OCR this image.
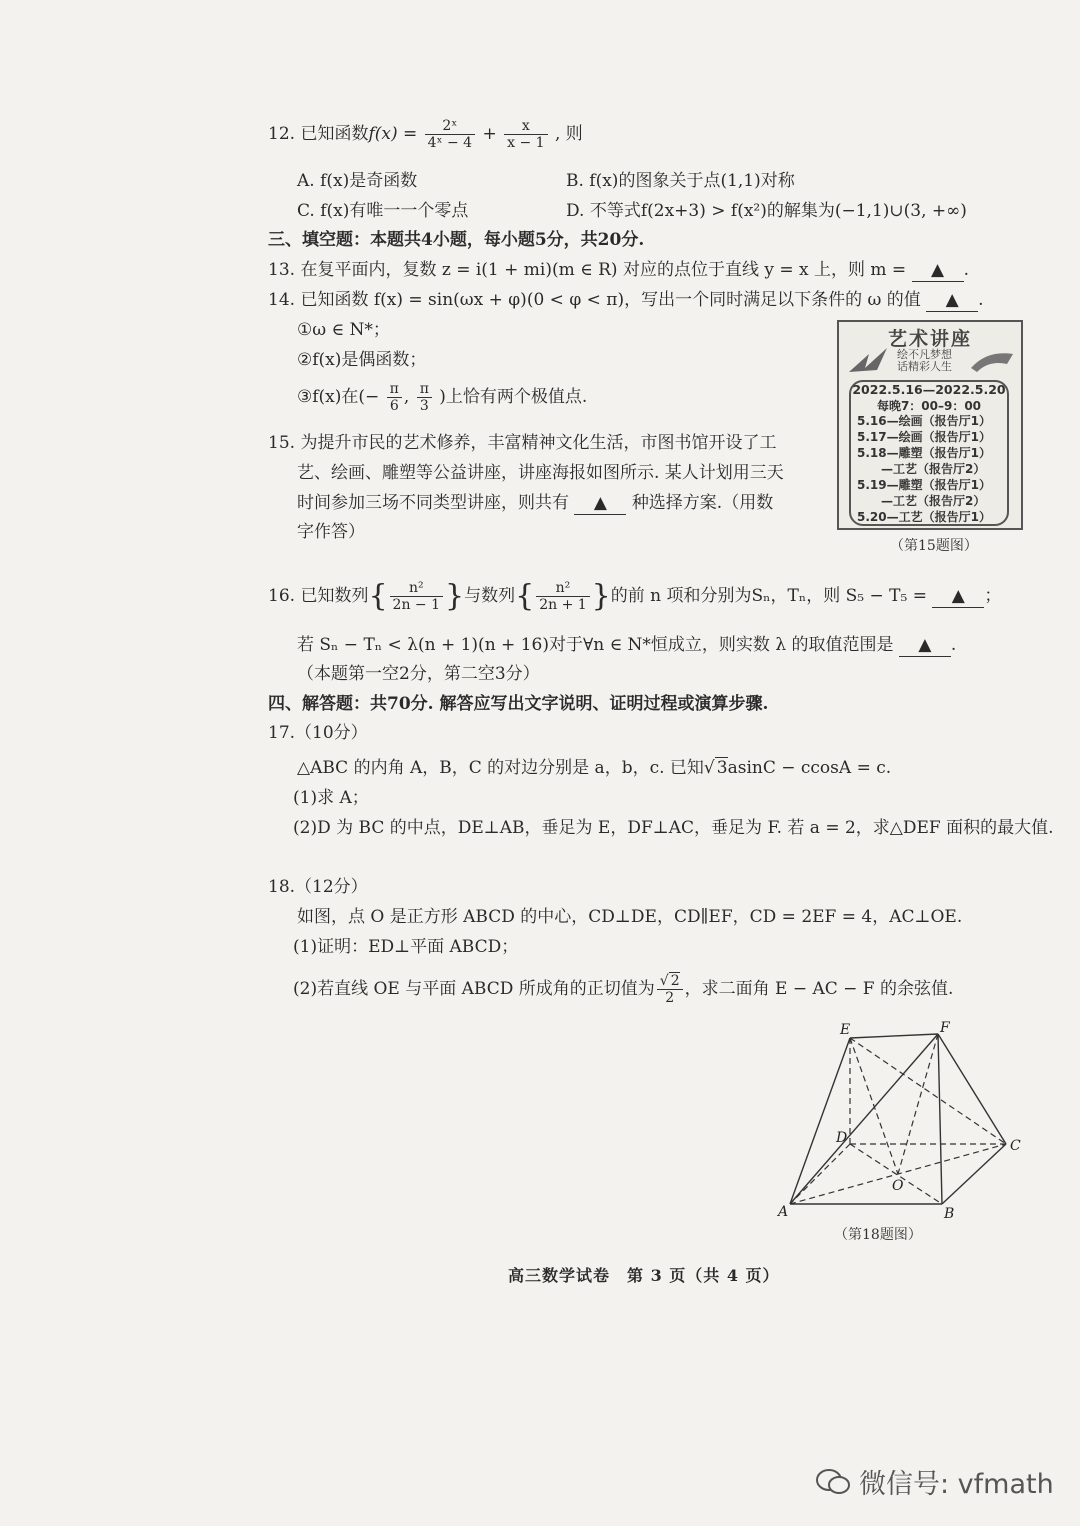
12. 已知函数$f(x) = \frac{\text{2ˣ}}{\text{4ˣ − 4}} + \frac{x}{x - 1}$ , 则
A. f(x)是奇函数	B. f(x)的图象关于点(1,1)对称
C. f(x)有唯一一个零点	D. 不等式f(2x+3) > f(x²)的解集为(−1,1)∪(3, +∞)
三、填空题：本题共4小题，每小题5分，共20分.
13. 在复平面内，复数 z = i(1 + mi)(m ∈ R) 对应的点位于直线 y = x 上，则 m = ▲ .
14. 已知函数 f(x) = sin(ωx + φ)(0 < φ < π)，写出一个同时满足以下条件的 ω 的值 ▲ .
①ω ∈ N*；
②f(x)是偶函数；
③f(x)在(− $\frac{\pi}{6}$ , $\frac{\pi}{3}$ )上恰有两个极值点.
15. 为提升市民的艺术修养，丰富精神文化生活，市图书馆开设了工
艺、绘画、雕塑等公益讲座，讲座海报如图所示. 某人计划用三天
时间参加三场不同类型讲座，则共有 ▲ 种选择方案.（用数
字作答）
艺术讲座
绘不凡梦想
话精彩人生
2022.5.16—2022.5.20
每晚7：00–9：00
5.16—绘画（报告厅1）
5.17—绘画（报告厅1）
5.18—雕塑（报告厅1）
　　—工艺（报告厅2）
5.19—雕塑（报告厅1）
　　—工艺（报告厅2）
5.20—工艺（报告厅1）
（第15题图）
16. 已知数列{ $\frac{\text{n²}}{2n - 1}$ }与数列{ $\frac{\text{n²}}{2n + 1}$ }的前 n 项和分别为Sₙ，Tₙ，则 S₅ − T₅ = ▲ ；
若 Sₙ − Tₙ < λ(n + 1)(n + 16)对于∀n ∈ N*恒成立，则实数 λ 的取值范围是 ▲ .
（本题第一空2分，第二空3分）
四、解答题：共70分. 解答应写出文字说明、证明过程或演算步骤.
17.（10分）
△ABC 的内角 A，B，C 的对边分别是 a，b，c. 已知√ 3asinC − ccosA = c.
(1)求 A；
(2)D 为 BC 的中点，DE⊥AB，垂足为 E，DF⊥AC，垂足为 F. 若 a = 2，求△DEF 面积的最大值.
18.（12分）
如图，点 O 是正方形 ABCD 的中心，CD⊥DE，CD∥EF，CD = 2EF = 4，AC⊥OE.
(1)证明：ED⊥平面 ABCD；
(2)若直线 OE 与平面 ABCD 所成角的正切值为 $\frac{√ 2}{2}$ ，求二面角 E − AC − F 的余弦值.
E	F
D	C
O
A	B
（第18题图）
高三数学试卷　第 3 页（共 4 页）
微信号: vfmath
